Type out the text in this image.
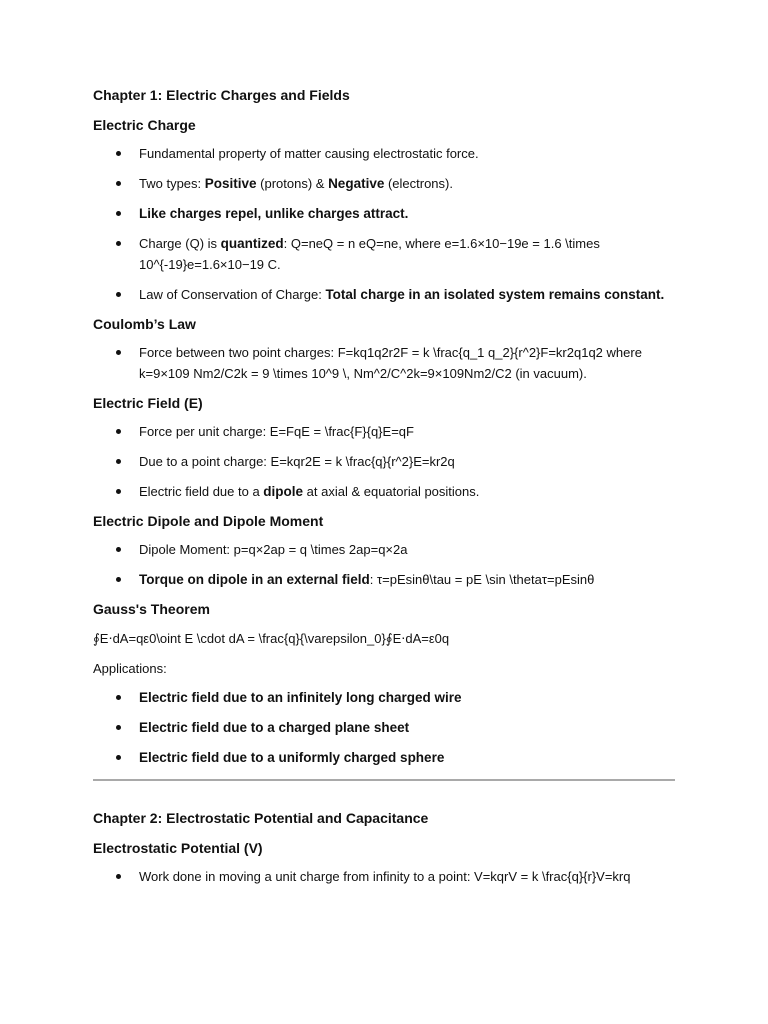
Chapter 1: Electric Charges and Fields
Electric Charge
Fundamental property of matter causing electrostatic force.
Two types: Positive (protons) & Negative (electrons).
Like charges repel, unlike charges attract.
Charge (Q) is quantized: Q=neQ = n eQ=ne, where e=1.6×10−19e = 1.6 \times 10^{-19}e=1.6×10−19 C.
Law of Conservation of Charge: Total charge in an isolated system remains constant.
Coulomb’s Law
Force between two point charges: F=kq1q2r2F = k \frac{q_1 q_2}{r^2}F=kr2q1q2 where k=9×109 Nm2/C2k = 9 \times 10^9 \, Nm^2/C^2k=9×109Nm2/C2 (in vacuum).
Electric Field (E)
Force per unit charge: E=FqE = \frac{F}{q}E=qF
Due to a point charge: E=kqr2E = k \frac{q}{r^2}E=kr2q
Electric field due to a dipole at axial & equatorial positions.
Electric Dipole and Dipole Moment
Dipole Moment: p=q×2ap = q \times 2ap=q×2a
Torque on dipole in an external field: τ=pEsinθ\tau = pE \sin \thetaτ=pEsinθ
Gauss's Theorem
∮E⋅dA=qε0\oint E \cdot dA = \frac{q}{\varepsilon_0}∮E⋅dA=ε0q
Applications:
Electric field due to an infinitely long charged wire
Electric field due to a charged plane sheet
Electric field due to a uniformly charged sphere
Chapter 2: Electrostatic Potential and Capacitance
Electrostatic Potential (V)
Work done in moving a unit charge from infinity to a point: V=kqrV = k \frac{q}{r}V=krq
